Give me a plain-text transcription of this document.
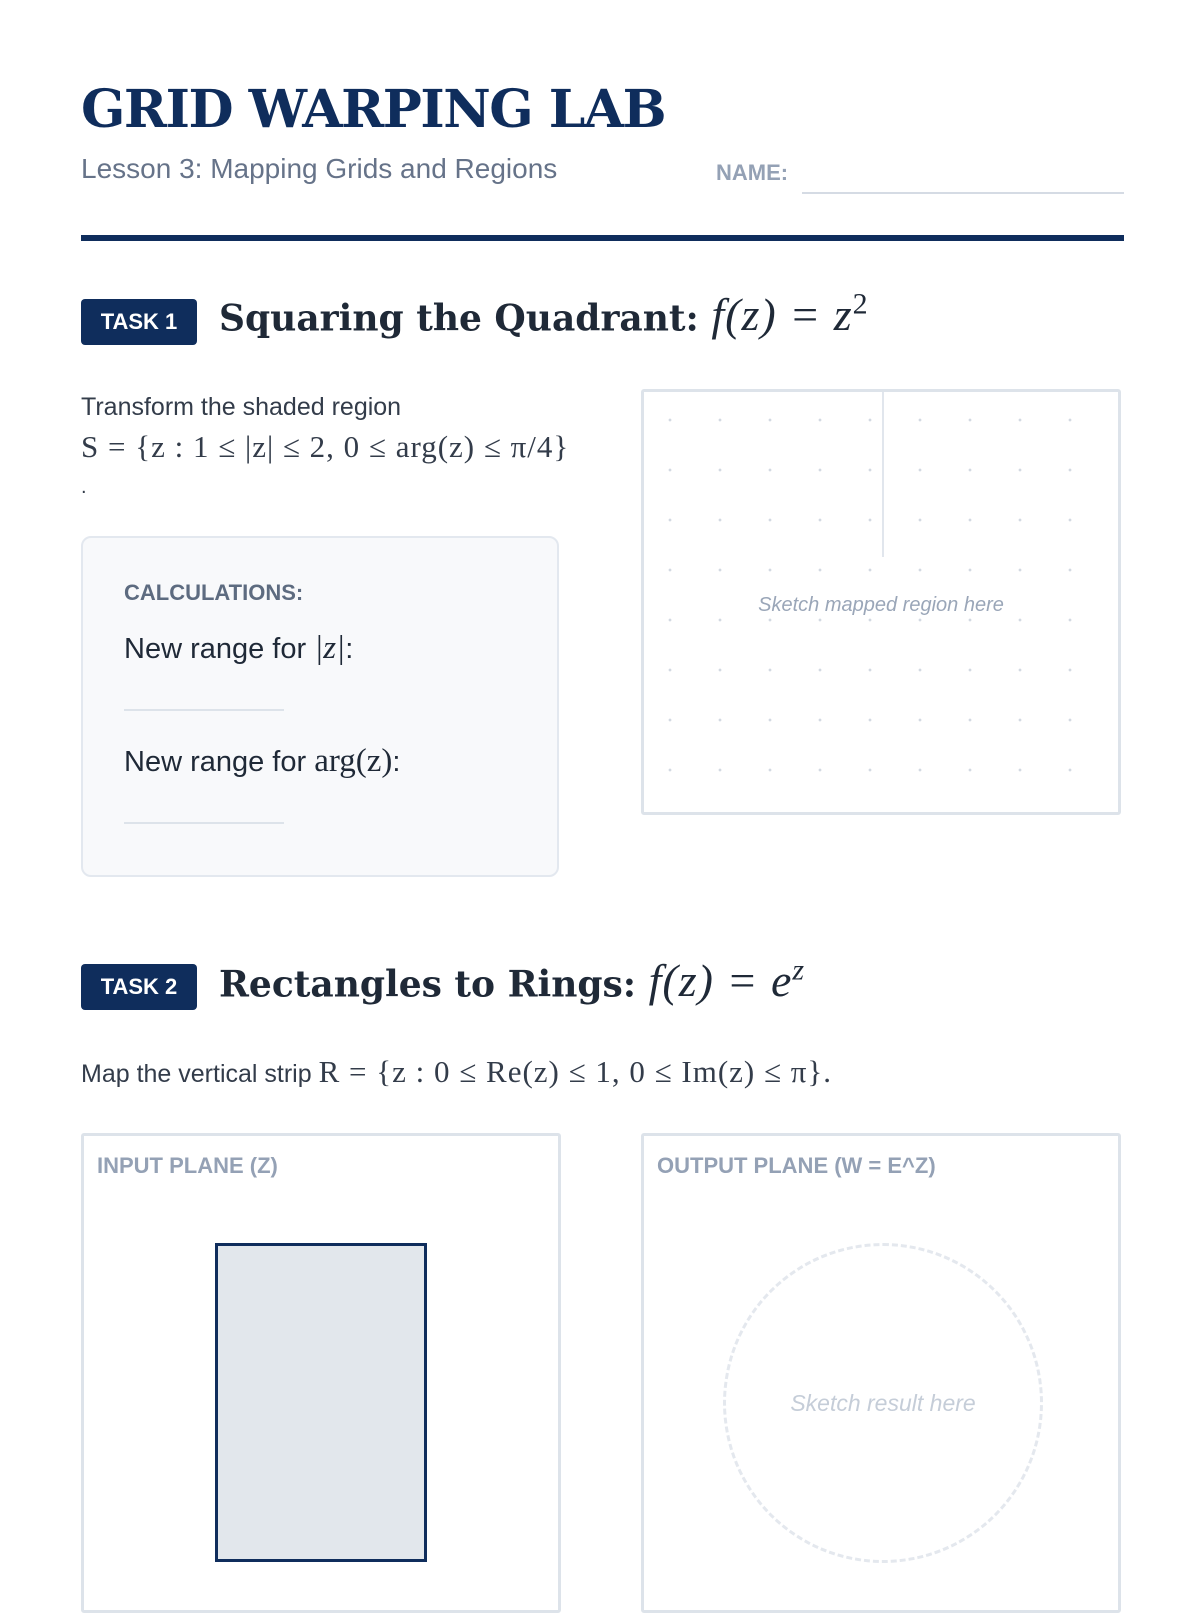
GRID WARPING LAB

Lesson 3: Mapping Grids and Regions	NAME:
TASK 1	Squaring the Quadrant: $f(z) = z^2$
Transform the shaded region
S = {z : 1 ≤ |z| ≤ 2, 0 ≤ arg(z) ≤ π/4}
.
CALCULATIONS:
New range for |z|:
New range for arg(z):
Sketch mapped region here
TASK 2	Rectangles to Rings: $f(z) = e^z$
Map the vertical strip R = {z : 0 ≤ Re(z) ≤ 1, 0 ≤ Im(z) ≤ π}.
INPUT PLANE (Z)	OUTPUT PLANE (W = E^Z)
Sketch result here
